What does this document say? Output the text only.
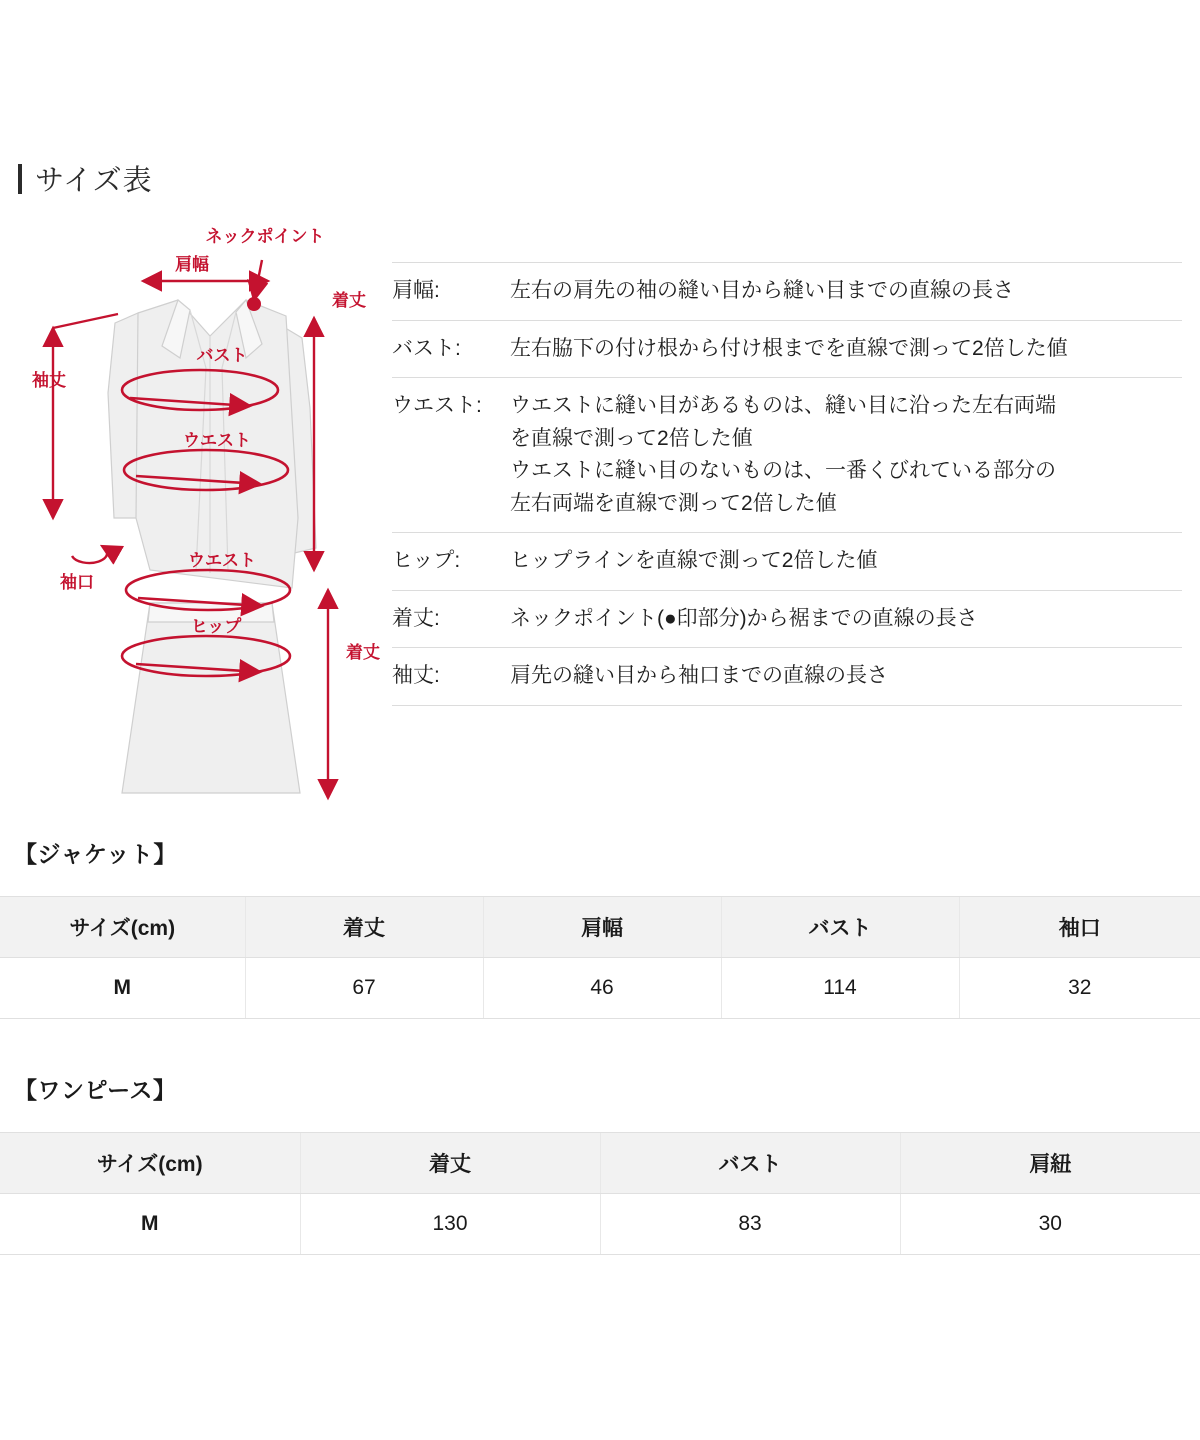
サイズ表
肩幅
ネックポイント
着丈
袖丈
バスト
ウエスト
袖口
ウエスト
ヒップ
着丈
肩幅:	左右の肩先の袖の縫い目から縫い目までの直線の長さ
バスト:	左右脇下の付け根から付け根までを直線で測って2倍した値
ウエスト:	ウエストに縫い目があるものは、縫い目に沿った左右両端
を直線で測って2倍した値
ウエストに縫い目のないものは、一番くびれている部分の
左右両端を直線で測って2倍した値
ヒップ:	ヒップラインを直線で測って2倍した値
着丈:	ネックポイント(●印部分)から裾までの直線の長さ
袖丈:	肩先の縫い目から袖口までの直線の長さ
【ジャケット】
サイズ(cm)	着丈	肩幅	バスト	袖口
M	67	46	114	32
【ワンピース】
サイズ(cm)	着丈	バスト	肩紐
M	130	83	30
